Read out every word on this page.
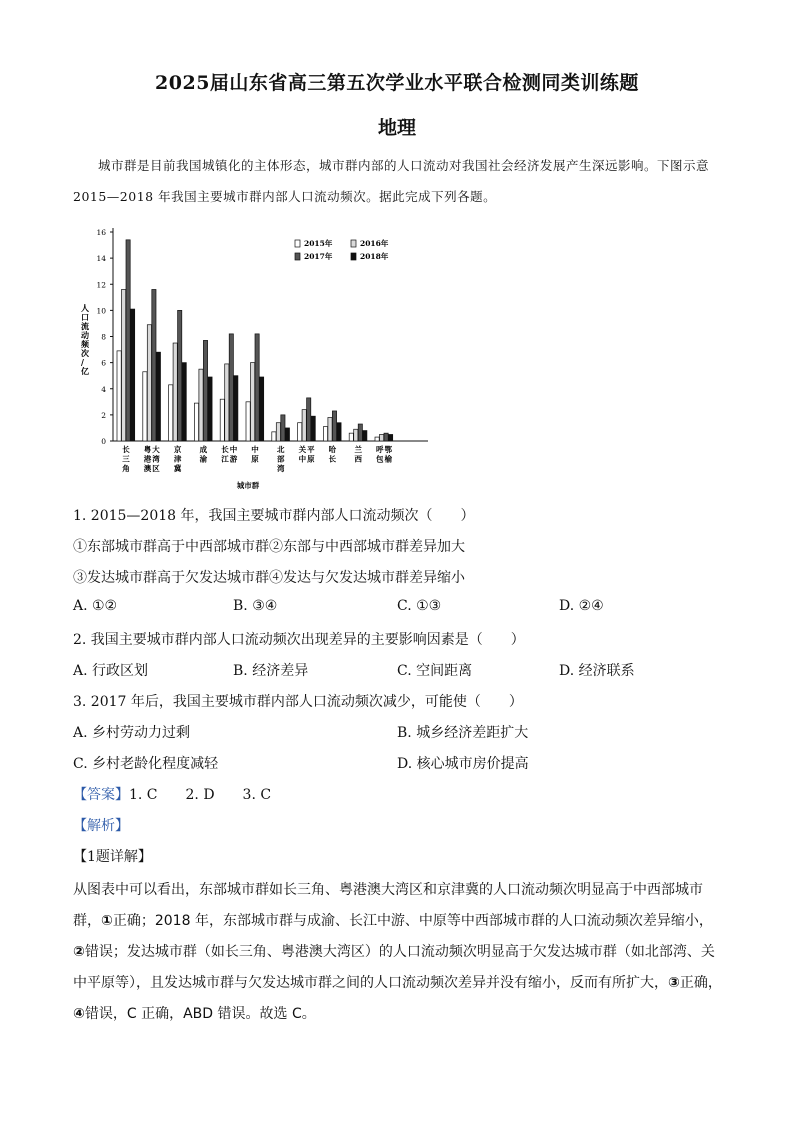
2025届山东省高三第五次学业水平联合检测同类训练题
地理
城市群是目前我国城镇化的主体形态，城市群内部的人口流动对我国社会经济发展产生深远影响。下图示意 2015—2018 年我国主要城市群内部人口流动频次。据此完成下列各题。
0
2
4
6
8
10
12
14
16
人口流动频次/亿
长
三
角
粤
港
澳
大
湾
区
京
津
冀
成
渝
长
江
中
游
中
原
北
部
湾
关
中
平
原
哈
长
兰
西
呼
包
鄂
榆
城市群
2015年	2016年
2017年	2018年
1. 2015—2018 年，我国主要城市群内部人口流动频次（　　）
①东部城市群高于中西部城市群②东部与中西部城市群差异加大
③发达城市群高于欠发达城市群④发达与欠发达城市群差异缩小
A. ①②	B. ③④	C. ①③	D. ②④
2. 我国主要城市群内部人口流动频次出现差异的主要影响因素是（　　）
A. 行政区划	B. 经济差异	C. 空间距离	D. 经济联系
3. 2017 年后，我国主要城市群内部人口流动频次减少，可能使（　　）
A. 乡村劳动力过剩	B. 城乡经济差距扩大
C. 乡村老龄化程度减轻	D. 核心城市房价提高
【答案】1. C　　2. D　　3. C
【解析】
【1题详解】
从图表中可以看出，东部城市群如长三角、粤港澳大湾区和京津冀的人口流动频次明显高于中西部城市群，①正确；2018 年，东部城市群与成渝、长江中游、中原等中西部城市群的人口流动频次差异缩小，②错误；发达城市群（如长三角、粤港澳大湾区）的人口流动频次明显高于欠发达城市群（如北部湾、关中平原等），且发达城市群与欠发达城市群之间的人口流动频次差异并没有缩小，反而有所扩大，③正确，④错误，C 正确，ABD 错误。故选 C。
